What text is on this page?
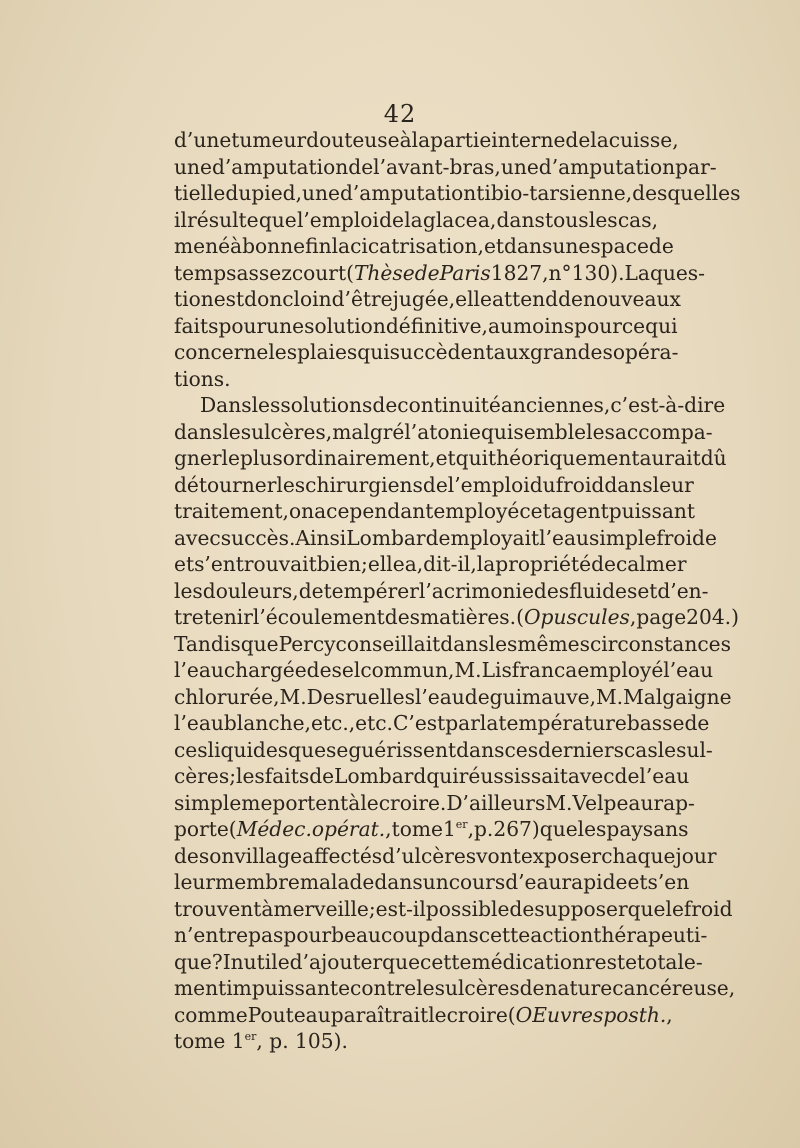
42
d’une tumeur douteuse à la partie interne de la cuisse,
une d’amputation de l’avant-bras, une d’amputation par-
tielle du pied, une d’amputation tibio-tarsienne, desquelles
il résulte que l’emploi de la glace a, dans tous les cas,
mené à bonne fin la cicatrisation, et dans un espace de
temps assez court(Thèse de Paris 1827, n° 130). La ques-
tion est donc loin d’être jugée, elle attend de nouveaux
faits pour une solution définitive, au moins pour ce qui
concerne les plaies qui succèdent aux grandes opéra-
tions.

Dans les solutions de continuité anciennes, c’est-à-dire
dans les ulcères, malgré l’atonie qui semble les accompa-
gner le plus ordinairement, et qui théoriquement aurait dû
détourner les chirurgiens de l’emploi du froid dans leur
traitement, on a cependant employé cet agent puissant
avec succès. Ainsi Lombard employait l’eau simple froide
et s’en trouvait bien; elle a, dit-il, la propriété de calmer
les douleurs, de tempérer l’acrimonie des fluides et d’en-
tretenir l’écoulement des matières. (Opuscules, page 204.)
Tandis que Percy conseillait dans les mêmes circonstances
l’eau chargée de sel commun, M. Lisfranc a employé l’eau
chlorurée, M. Desruelles l’eau de guimauve, M. Malgaigne
l’eau blanche, etc., etc. C’est par la température basse de
ces liquides que se guérissent dans ces derniers cas les ul-
cères; les faits de Lombard qui réussissait avec de l’eau
simple me portent à le croire. D’ailleurs M. Velpeau rap-
porte (Médec. opérat., tome 1er, p. 267) que les paysans
de son village affectés d’ulcères vont exposer chaque jour
leur membre malade dans un cours d’eau rapide et s’en
trouvent à merveille; est-il possible de supposer que le froid
n’entre pas pour beaucoup dans cette action thérapeuti-
que? Inutile d’ajouter que cette médication reste totale-
ment impuissante contre les ulcères de nature cancéreuse,
comme Pouteau paraîtrait le croire (OEuvres posth.,
tome
1er,
p.
105).
